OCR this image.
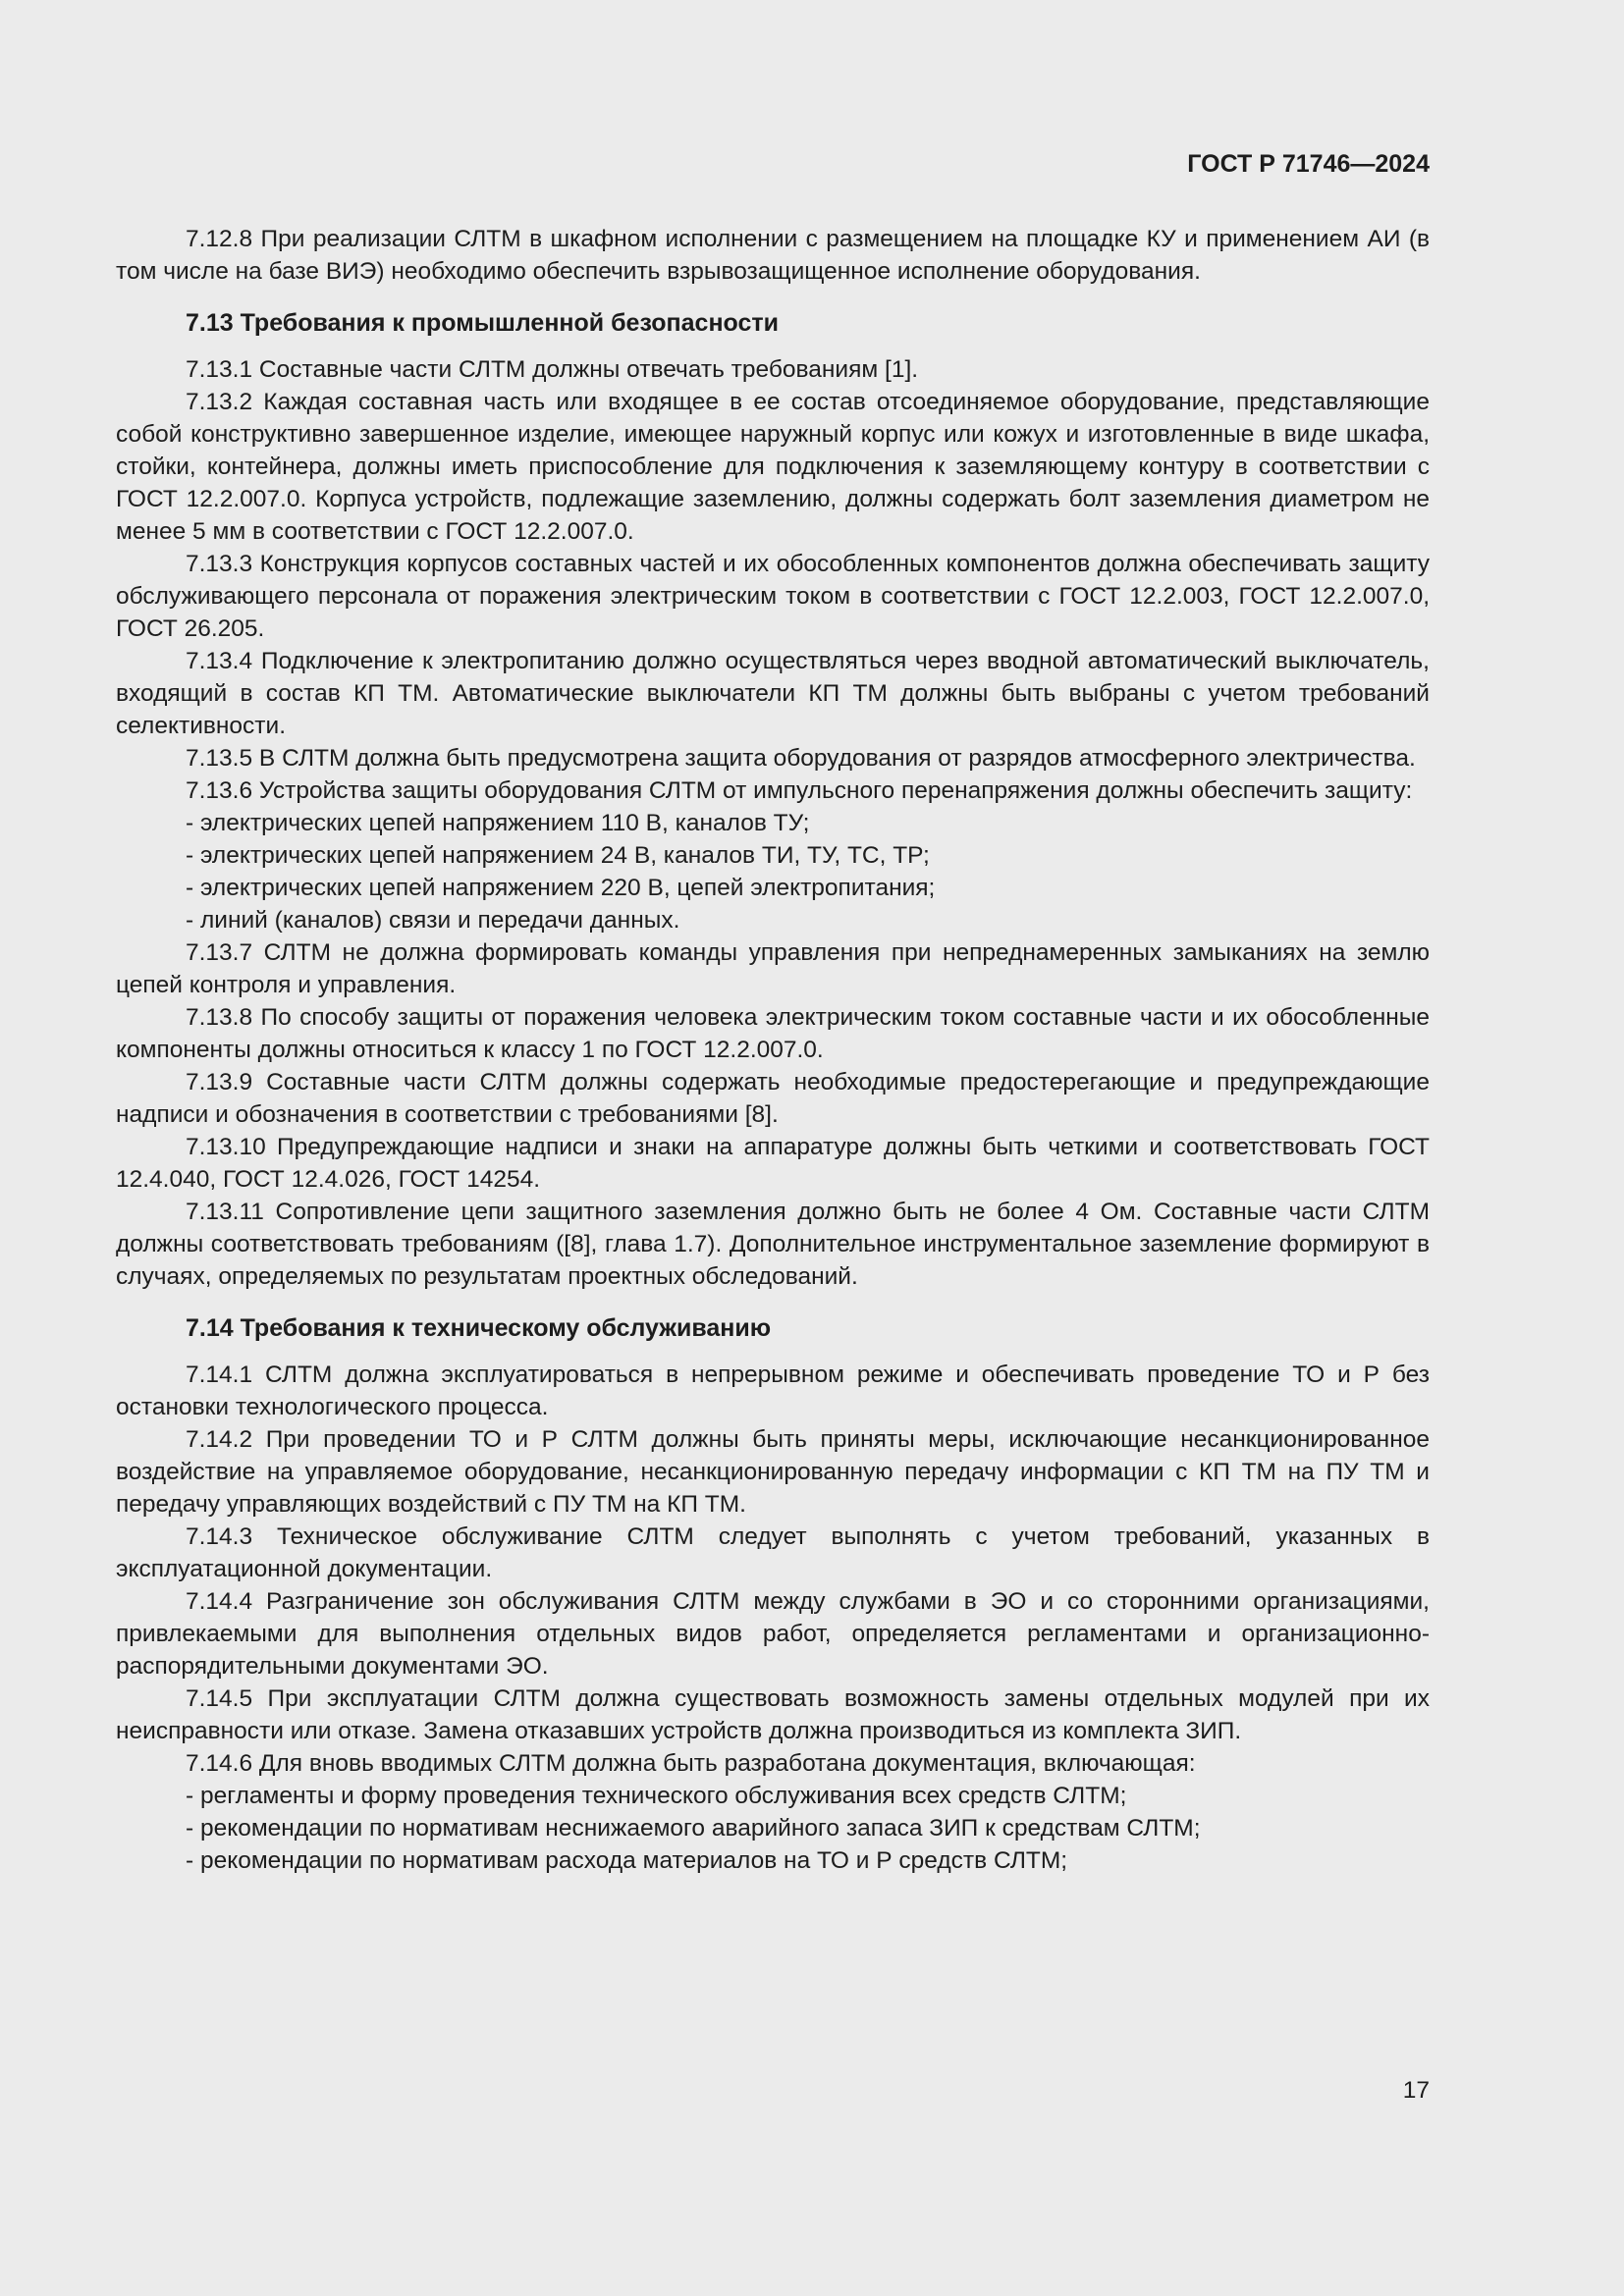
ГОСТ Р 71746—2024

7.12.8 При реализации СЛТМ в шкафном исполнении с размещением на площадке КУ и применением АИ (в том числе на базе ВИЭ) необходимо обеспечить взрывозащищенное исполнение оборудования.

7.13 Требования к промышленной безопасности

7.13.1 Составные части СЛТМ должны отвечать требованиям [1].

7.13.2 Каждая составная часть или входящее в ее состав отсоединяемое оборудование, представляющие собой конструктивно завершенное изделие, имеющее наружный корпус или кожух и изготовленные в виде шкафа, стойки, контейнера, должны иметь приспособление для подключения к заземляющему контуру в соответствии с ГОСТ 12.2.007.0. Корпуса устройств, подлежащие заземлению, должны содержать болт заземления диаметром не менее 5 мм в соответствии с ГОСТ 12.2.007.0.

7.13.3 Конструкция корпусов составных частей и их обособленных компонентов должна обеспечивать защиту обслуживающего персонала от поражения электрическим током в соответствии с ГОСТ 12.2.003, ГОСТ 12.2.007.0, ГОСТ 26.205.

7.13.4 Подключение к электропитанию должно осуществляться через вводной автоматический выключатель, входящий в состав КП ТМ. Автоматические выключатели КП ТМ должны быть выбраны с учетом требований селективности.

7.13.5 В СЛТМ должна быть предусмотрена защита оборудования от разрядов атмосферного электричества.

7.13.6 Устройства защиты оборудования СЛТМ от импульсного перенапряжения должны обеспечить защиту:

- электрических цепей напряжением 110 В, каналов ТУ;

- электрических цепей напряжением 24 В, каналов ТИ, ТУ, ТС, ТР;

- электрических цепей напряжением 220 В, цепей электропитания;

- линий (каналов) связи и передачи данных.

7.13.7 СЛТМ не должна формировать команды управления при непреднамеренных замыканиях на землю цепей контроля и управления.

7.13.8 По способу защиты от поражения человека электрическим током составные части и их обособленные компоненты должны относиться к классу 1 по ГОСТ 12.2.007.0.

7.13.9 Составные части СЛТМ должны содержать необходимые предостерегающие и предупреждающие надписи и обозначения в соответствии с требованиями [8].

7.13.10 Предупреждающие надписи и знаки на аппаратуре должны быть четкими и соответствовать ГОСТ 12.4.040, ГОСТ 12.4.026, ГОСТ 14254.

7.13.11 Сопротивление цепи защитного заземления должно быть не более 4 Ом. Составные части СЛТМ должны соответствовать требованиям ([8], глава 1.7). Дополнительное инструментальное заземление формируют в случаях, определяемых по результатам проектных обследований.

7.14 Требования к техническому обслуживанию

7.14.1 СЛТМ должна эксплуатироваться в непрерывном режиме и обеспечивать проведение ТО и Р без остановки технологического процесса.

7.14.2 При проведении ТО и Р СЛТМ должны быть приняты меры, исключающие несанкционированное воздействие на управляемое оборудование, несанкционированную передачу информации с КП ТМ на ПУ ТМ и передачу управляющих воздействий с ПУ ТМ на КП ТМ.

7.14.3 Техническое обслуживание СЛТМ следует выполнять с учетом требований, указанных в эксплуатационной документации.

7.14.4 Разграничение зон обслуживания СЛТМ между службами в ЭО и со сторонними организациями, привлекаемыми для выполнения отдельных видов работ, определяется регламентами и организационно-распорядительными документами ЭО.

7.14.5 При эксплуатации СЛТМ должна существовать возможность замены отдельных модулей при их неисправности или отказе. Замена отказавших устройств должна производиться из комплекта ЗИП.

7.14.6 Для вновь вводимых СЛТМ должна быть разработана документация, включающая:

- регламенты и форму проведения технического обслуживания всех средств СЛТМ;

- рекомендации по нормативам неснижаемого аварийного запаса ЗИП к средствам СЛТМ;

- рекомендации по нормативам расхода материалов на ТО и Р средств СЛТМ;

17
